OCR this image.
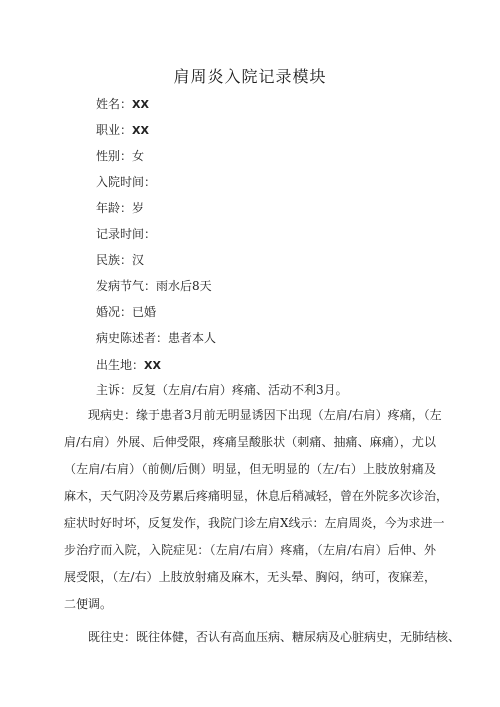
肩周炎入院记录模块
姓名：XX
职业：XX
性别：女
入院时间：
年龄：岁
记录时间：
民族：汉
发病节气：雨水后8天
婚况：已婚
病史陈述者：患者本人
出生地：XX
主诉：反复（左肩/右肩）疼痛、活动不利3月。
现病史：缘于患者3月前无明显诱因下出现（左肩/右肩）疼痛，（左
肩/右肩）外展、后伸受限，疼痛呈酸胀状（刺痛、抽痛、麻痛），尤以
（左肩/右肩）（前侧/后侧）明显，但无明显的（左/右）上肢放射痛及
麻木，天气阴冷及劳累后疼痛明显，休息后稍减轻，曾在外院多次诊治，
症状时好时坏，反复发作，我院门诊左肩X线示：左肩周炎，今为求进一
步治疗而入院，入院症见：（左肩/右肩）疼痛，（左肩/右肩）后伸、外
展受限，（左/右）上肢放射痛及麻木，无头晕、胸闷，纳可，夜寐差，
二便调。
既往史：既往体健，否认有高血压病、糖尿病及心脏病史，无肺结核、
